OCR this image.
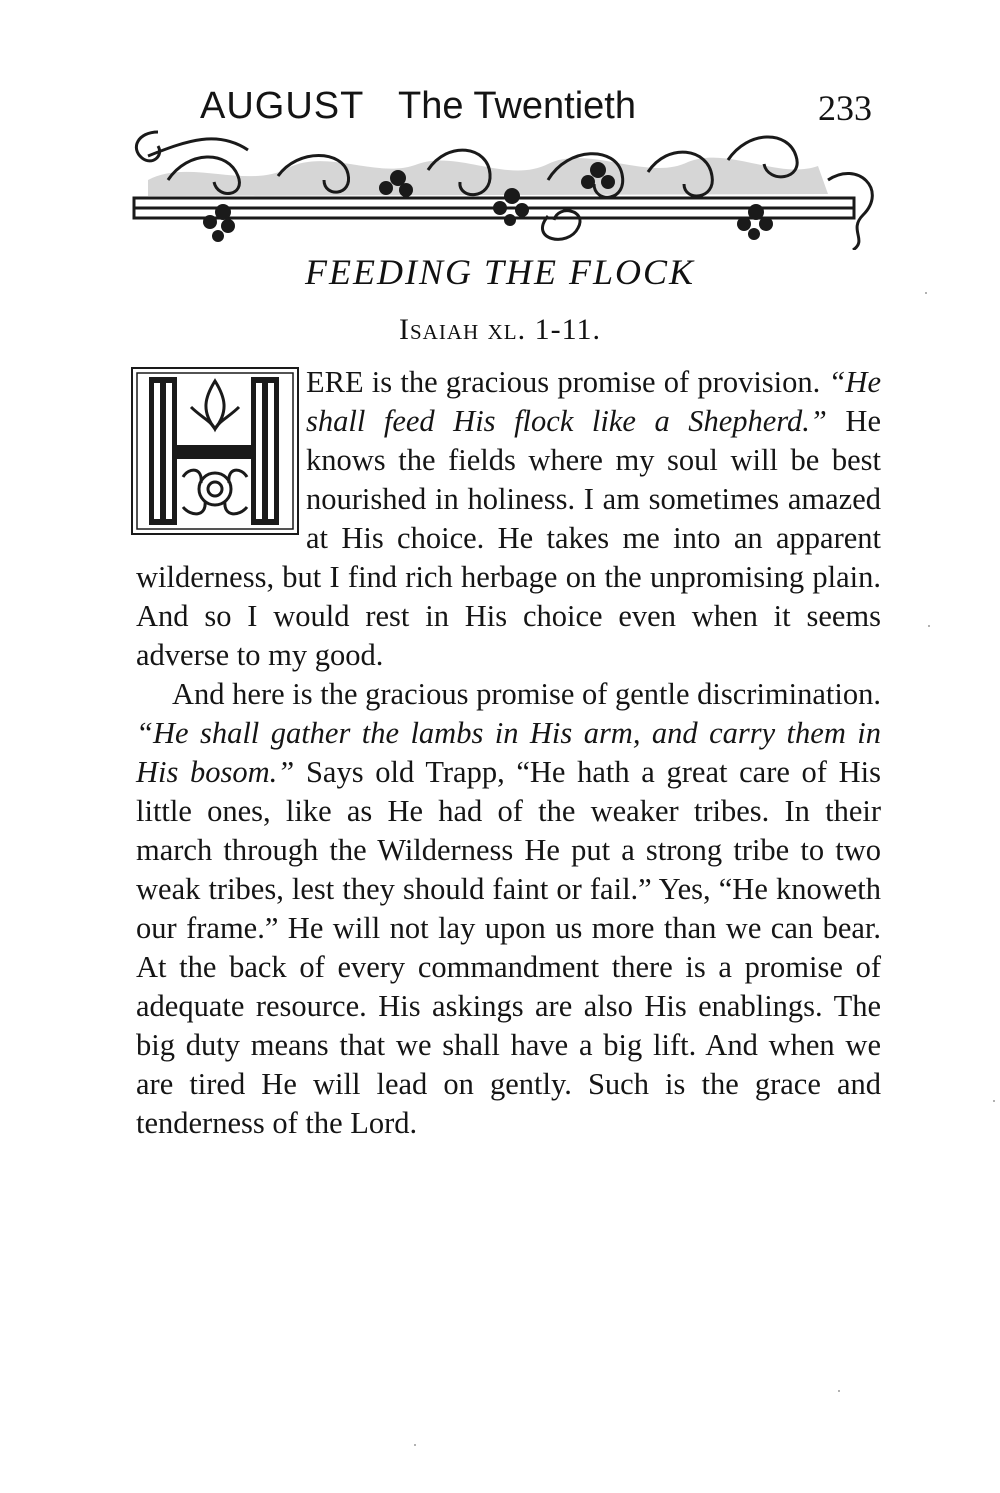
AUGUST The Twentieth	233
FEEDING THE FLOCK
Isaiah xl. 1-11.

ERE is the gracious promise of provision. “He shall feed His flock like a Shepherd.” He knows the fields where my soul will be best nourished in holiness. I am sometimes amazed at His choice. He takes me into an apparent wilderness, but I find rich herbage on the unpromising plain. And so I would rest in His choice even when it seems adverse to my good.

And here is the gracious promise of gentle discrimination. “He shall gather the lambs in His arm, and carry them in His bosom.” Says old Trapp, “He hath a great care of His little ones, like as He had of the weaker tribes. In their march through the Wilderness He put a strong tribe to two weak tribes, lest they should faint or fail.” Yes, “He knoweth our frame.” He will not lay upon us more than we can bear. At the back of every commandment there is a promise of adequate resource. His askings are also His enablings. The big duty means that we shall have a big lift. And when we are tired He will lead on gently. Such is the grace and tenderness of the Lord.
